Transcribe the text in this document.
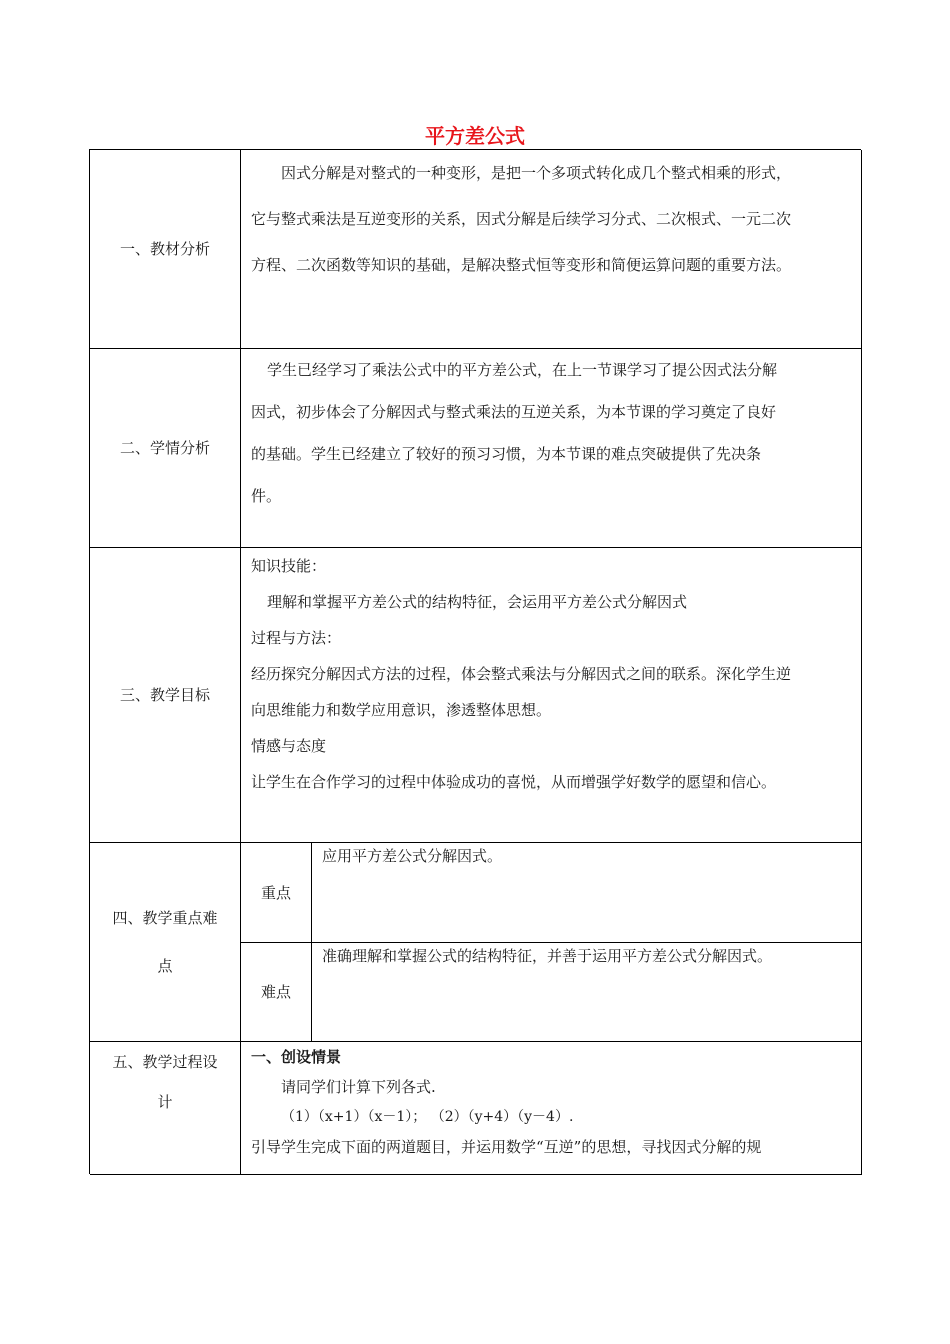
平方差公式
一、教材分析

因式分解是对整式的一种变形，是把一个多项式转化成几个整式相乘的形式，

它与整式乘法是互逆变形的关系，因式分解是后续学习分式、二次根式、一元二次

方程、二次函数等知识的基础，是解决整式恒等变形和简便运算问题的重要方法。

二、学情分析

学生已经学习了乘法公式中的平方差公式，在上一节课学习了提公因式法分解

因式，初步体会了分解因式与整式乘法的互逆关系，为本节课的学习奠定了良好

的基础。学生已经建立了较好的预习习惯，为本节课的难点突破提供了先决条

件。

三、教学目标

知识技能：

理解和掌握平方差公式的结构特征，会运用平方差公式分解因式

过程与方法：

经历探究分解因式方法的过程，体会整式乘法与分解因式之间的联系。深化学生逆

向思维能力和数学应用意识，渗透整体思想。

情感与态度

让学生在合作学习的过程中体验成功的喜悦，从而增强学好数学的愿望和信心。

四、教学重点难
点
重点

应用平方差公式分解因式。

难点

准确理解和掌握公式的结构特征，并善于运用平方差公式分解因式。

五、教学过程设
计

一、创设情景

请同学们计算下列各式.

（1）（x+1）（x－1）； （2）（y+4）（y－4）.

引导学生完成下面的两道题目，并运用数学“互逆”的思想，寻找因式分解的规
